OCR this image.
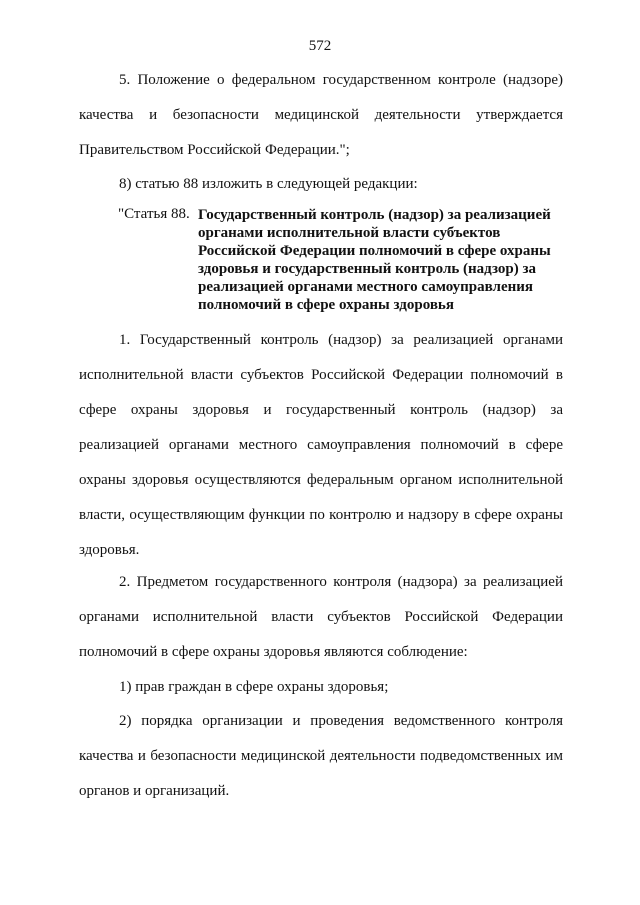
572

5. Положение о федеральном государственном контроле (надзоре) качества и безопасности медицинской деятельности утверждается Правительством Российской Федерации.";

8) статью 88 изложить в следующей редакции:

"Статья 88. Государственный контроль (надзор) за реализацией органами исполнительной власти субъектов Российской Федерации полномочий в сфере охраны здоровья и государственный контроль (надзор) за реализацией органами местного самоуправления полномочий в сфере охраны здоровья

1. Государственный контроль (надзор) за реализацией органами исполнительной власти субъектов Российской Федерации полномочий в сфере охраны здоровья и государственный контроль (надзор) за реализацией органами местного самоуправления полномочий в сфере охраны здоровья осуществляются федеральным органом исполнительной власти, осуществляющим функции по контролю и надзору в сфере охраны здоровья.

2. Предметом государственного контроля (надзора) за реализацией органами исполнительной власти субъектов Российской Федерации полномочий в сфере охраны здоровья являются соблюдение:

1) прав граждан в сфере охраны здоровья;

2) порядка организации и проведения ведомственного контроля качества и безопасности медицинской деятельности подведомственных им органов и организаций.
